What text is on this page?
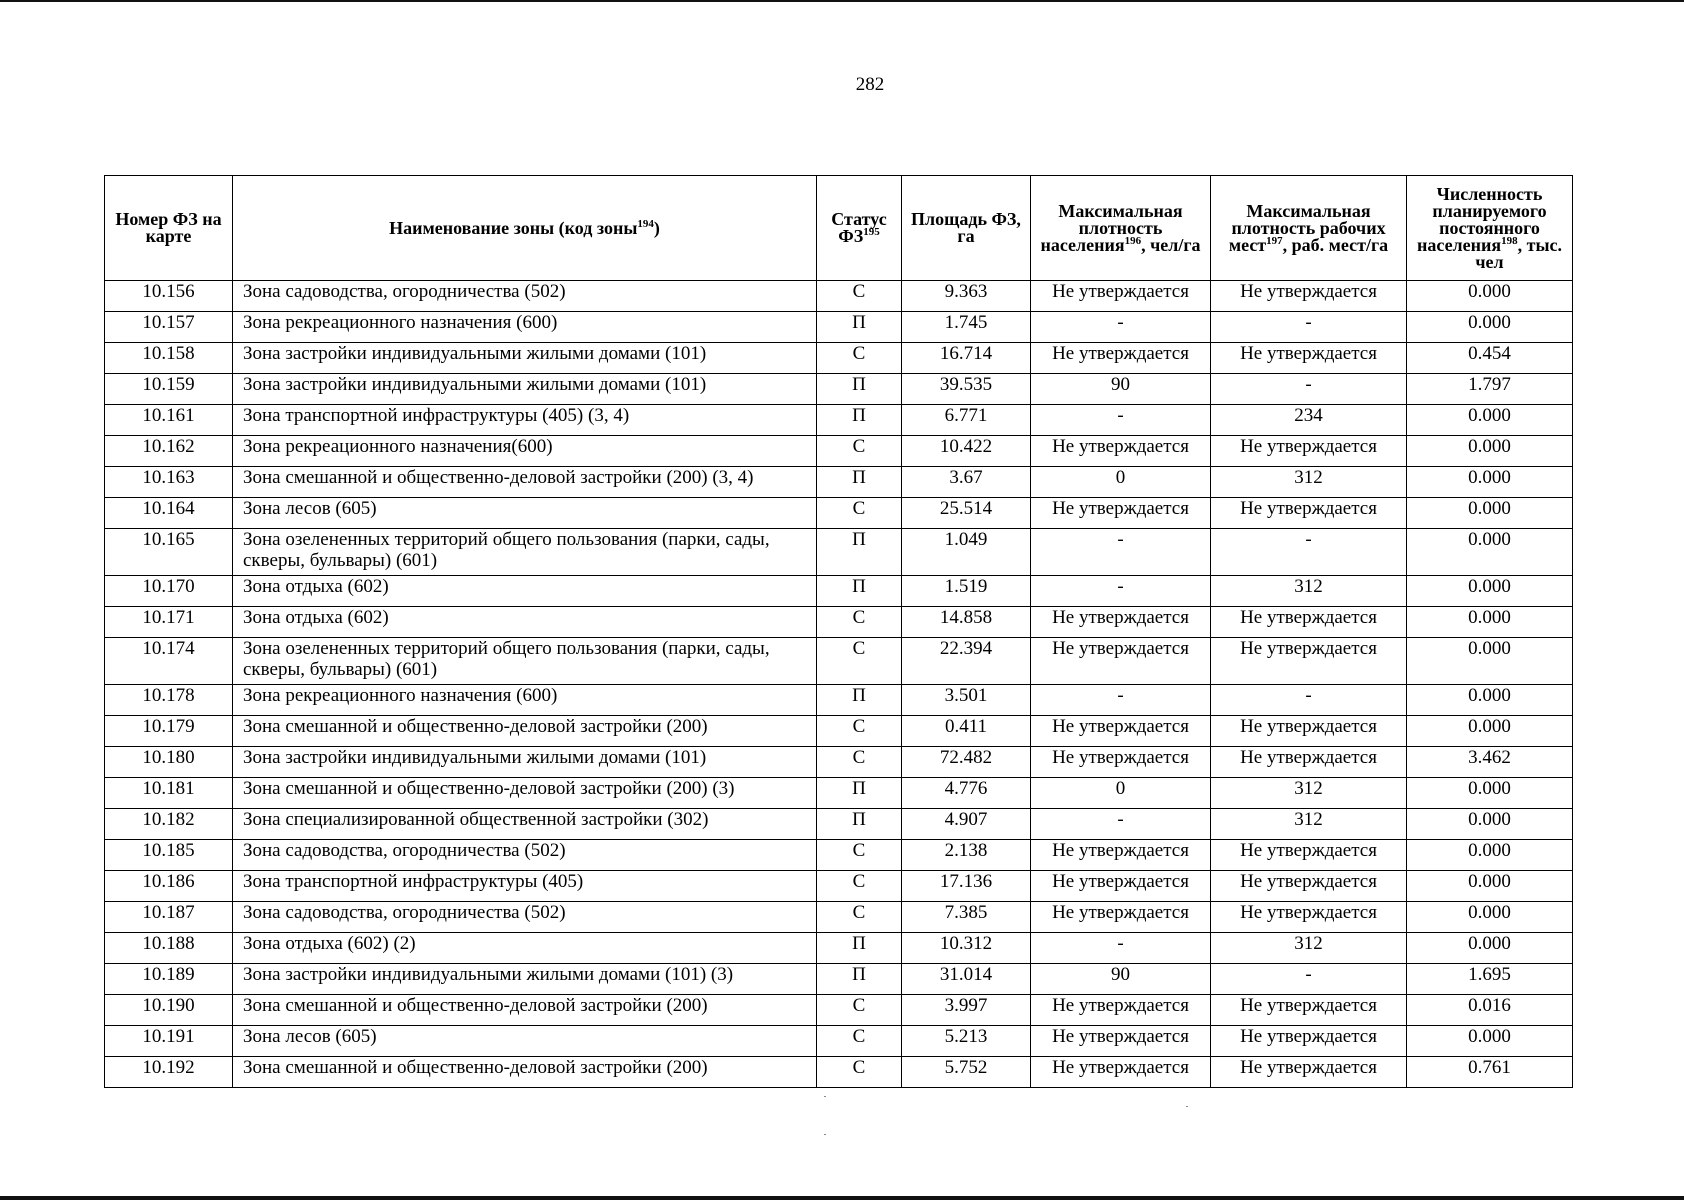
282
Номер ФЗ на карте	Наименование зоны (код зоны$^{194}$)	Статус ФЗ$^{195}$	Площадь ФЗ, га	Максимальная плотность населения$^{196}$, чел/га	Максимальная плотность рабочих мест$^{197}$, раб. мест/га	Численность планируемого постоянного населения$^{198}$, тыс. чел
10.156	Зона садоводства, огородничества (502)	С	9.363	Не утверждается	Не утверждается	0.000
10.157	Зона рекреационного назначения (600)	П	1.745	-	-	0.000
10.158	Зона застройки индивидуальными жилыми домами (101)	С	16.714	Не утверждается	Не утверждается	0.454
10.159	Зона застройки индивидуальными жилыми домами (101)	П	39.535	90	-	1.797
10.161	Зона транспортной инфраструктуры (405) (3, 4)	П	6.771	-	234	0.000
10.162	Зона рекреационного назначения(600)	С	10.422	Не утверждается	Не утверждается	0.000
10.163	Зона смешанной и общественно-деловой застройки (200) (3, 4)	П	3.67	0	312	0.000
10.164	Зона лесов (605)	С	25.514	Не утверждается	Не утверждается	0.000
10.165	Зона озелененных территорий общего пользования (парки, сады, скверы, бульвары) (601)	П	1.049	-	-	0.000
10.170	Зона отдыха (602)	П	1.519	-	312	0.000
10.171	Зона отдыха (602)	С	14.858	Не утверждается	Не утверждается	0.000
10.174	Зона озелененных территорий общего пользования (парки, сады, скверы, бульвары) (601)	С	22.394	Не утверждается	Не утверждается	0.000
10.178	Зона рекреационного назначения (600)	П	3.501	-	-	0.000
10.179	Зона смешанной и общественно-деловой застройки (200)	С	0.411	Не утверждается	Не утверждается	0.000
10.180	Зона застройки индивидуальными жилыми домами (101)	С	72.482	Не утверждается	Не утверждается	3.462
10.181	Зона смешанной и общественно-деловой застройки (200) (3)	П	4.776	0	312	0.000
10.182	Зона специализированной общественной застройки (302)	П	4.907	-	312	0.000
10.185	Зона садоводства, огородничества (502)	С	2.138	Не утверждается	Не утверждается	0.000
10.186	Зона транспортной инфраструктуры (405)	С	17.136	Не утверждается	Не утверждается	0.000
10.187	Зона садоводства, огородничества (502)	С	7.385	Не утверждается	Не утверждается	0.000
10.188	Зона отдыха (602) (2)	П	10.312	-	312	0.000
10.189	Зона застройки индивидуальными жилыми домами (101) (3)	П	31.014	90	-	1.695
10.190	Зона смешанной и общественно-деловой застройки (200)	С	3.997	Не утверждается	Не утверждается	0.016
10.191	Зона лесов (605)	С	5.213	Не утверждается	Не утверждается	0.000
10.192	Зона смешанной и общественно-деловой застройки (200)	С	5.752	Не утверждается	Не утверждается	0.761
